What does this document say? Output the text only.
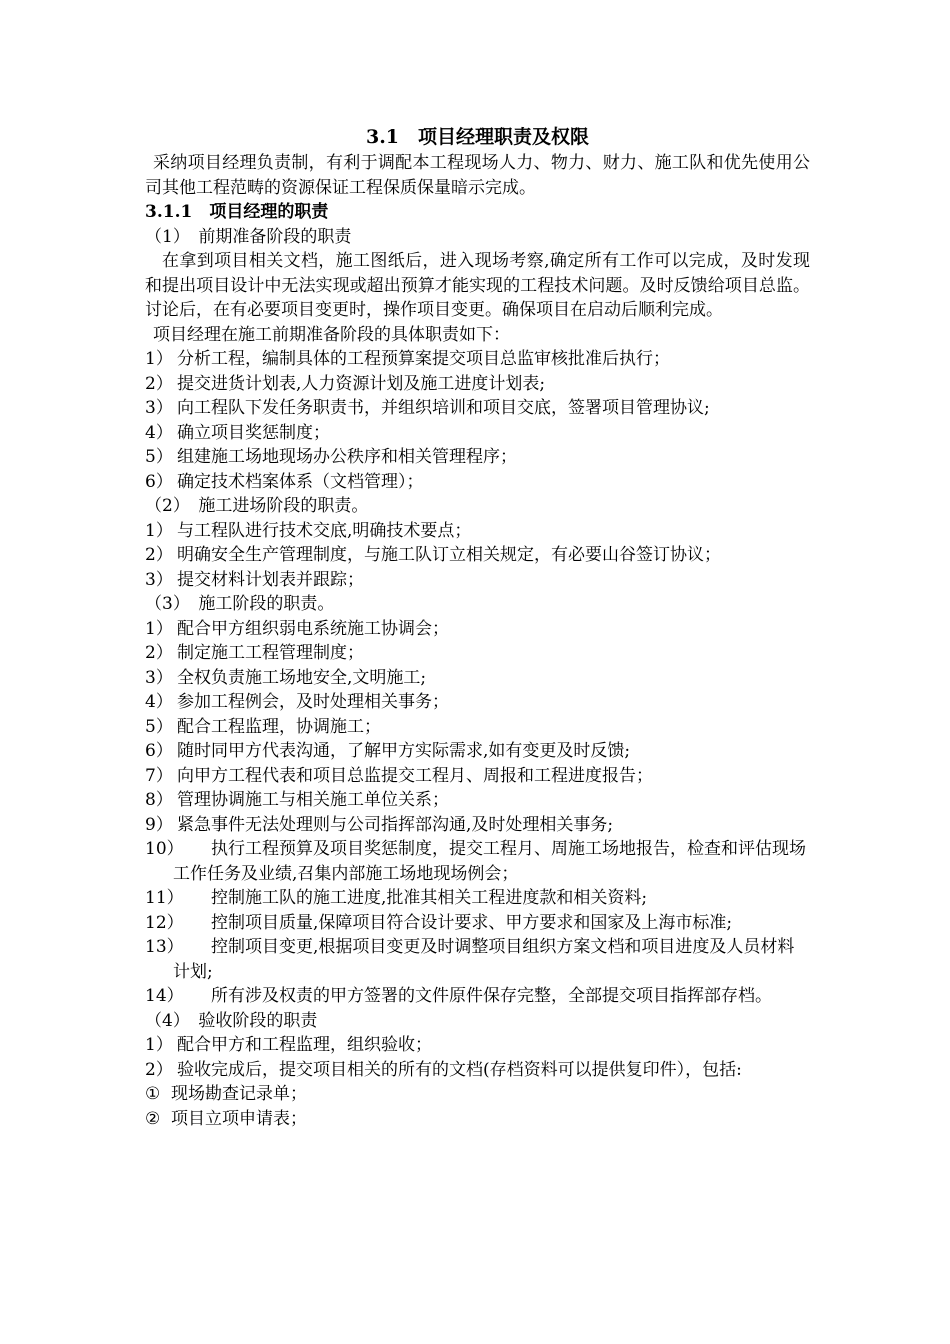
3.1　项目经理职责及权限

采纳项目经理负责制，有利于调配本工程现场人力、物力、财力、施工队和优先使用公司其他工程范畴的资源保证工程保质保量暗示完成。

3.1.1　项目经理的职责

（1）　前期准备阶段的职责

在拿到项目相关文档，施工图纸后，进入现场考察,确定所有工作可以完成，及时发现和提出项目设计中无法实现或超出预算才能实现的工程技术问题。及时反馈给项目总监。讨论后，在有必要项目变更时，操作项目变更。确保项目在启动后顺利完成。

项目经理在施工前期准备阶段的具体职责如下：

1） 分析工程，编制具体的工程预算案提交项目总监审核批准后执行；
2） 提交进货计划表,人力资源计划及施工进度计划表;
3） 向工程队下发任务职责书，并组织培训和项目交底，签署项目管理协议;
4） 确立项目奖惩制度；
5） 组建施工场地现场办公秩序和相关管理程序；
6） 确定技术档案体系（文档管理）；

（2）　施工进场阶段的职责。

1） 与工程队进行技术交底,明确技术要点；
2） 明确安全生产管理制度，与施工队订立相关规定，有必要山谷签订协议；
3） 提交材料计划表并跟踪；

（3）　施工阶段的职责。

1） 配合甲方组织弱电系统施工协调会；
2） 制定施工工程管理制度；
3） 全权负责施工场地安全,文明施工;
4） 参加工程例会，及时处理相关事务；
5） 配合工程监理，协调施工；
6） 随时同甲方代表沟通，了解甲方实际需求,如有变更及时反馈;
7） 向甲方工程代表和项目总监提交工程月、周报和工程进度报告；
8） 管理协调施工与相关施工单位关系；
9） 紧急事件无法处理则与公司指挥部沟通,及时处理相关事务;
10） 执行工程预算及项目奖惩制度，提交工程月、周施工场地报告，检查和评估现场工作任务及业绩,召集内部施工场地现场例会；
11） 控制施工队的施工进度,批准其相关工程进度款和相关资料;
12） 控制项目质量,保障项目符合设计要求、甲方要求和国家及上海市标准;
13） 控制项目变更,根据项目变更及时调整项目组织方案文档和项目进度及人员材料计划;
14） 所有涉及权责的甲方签署的文件原件保存完整，全部提交项目指挥部存档。

（4）　验收阶段的职责

1） 配合甲方和工程监理，组织验收；
2） 验收完成后，提交项目相关的所有的文档(存档资料可以提供复印件），包括:
① 现场勘查记录单；
② 项目立项申请表；
